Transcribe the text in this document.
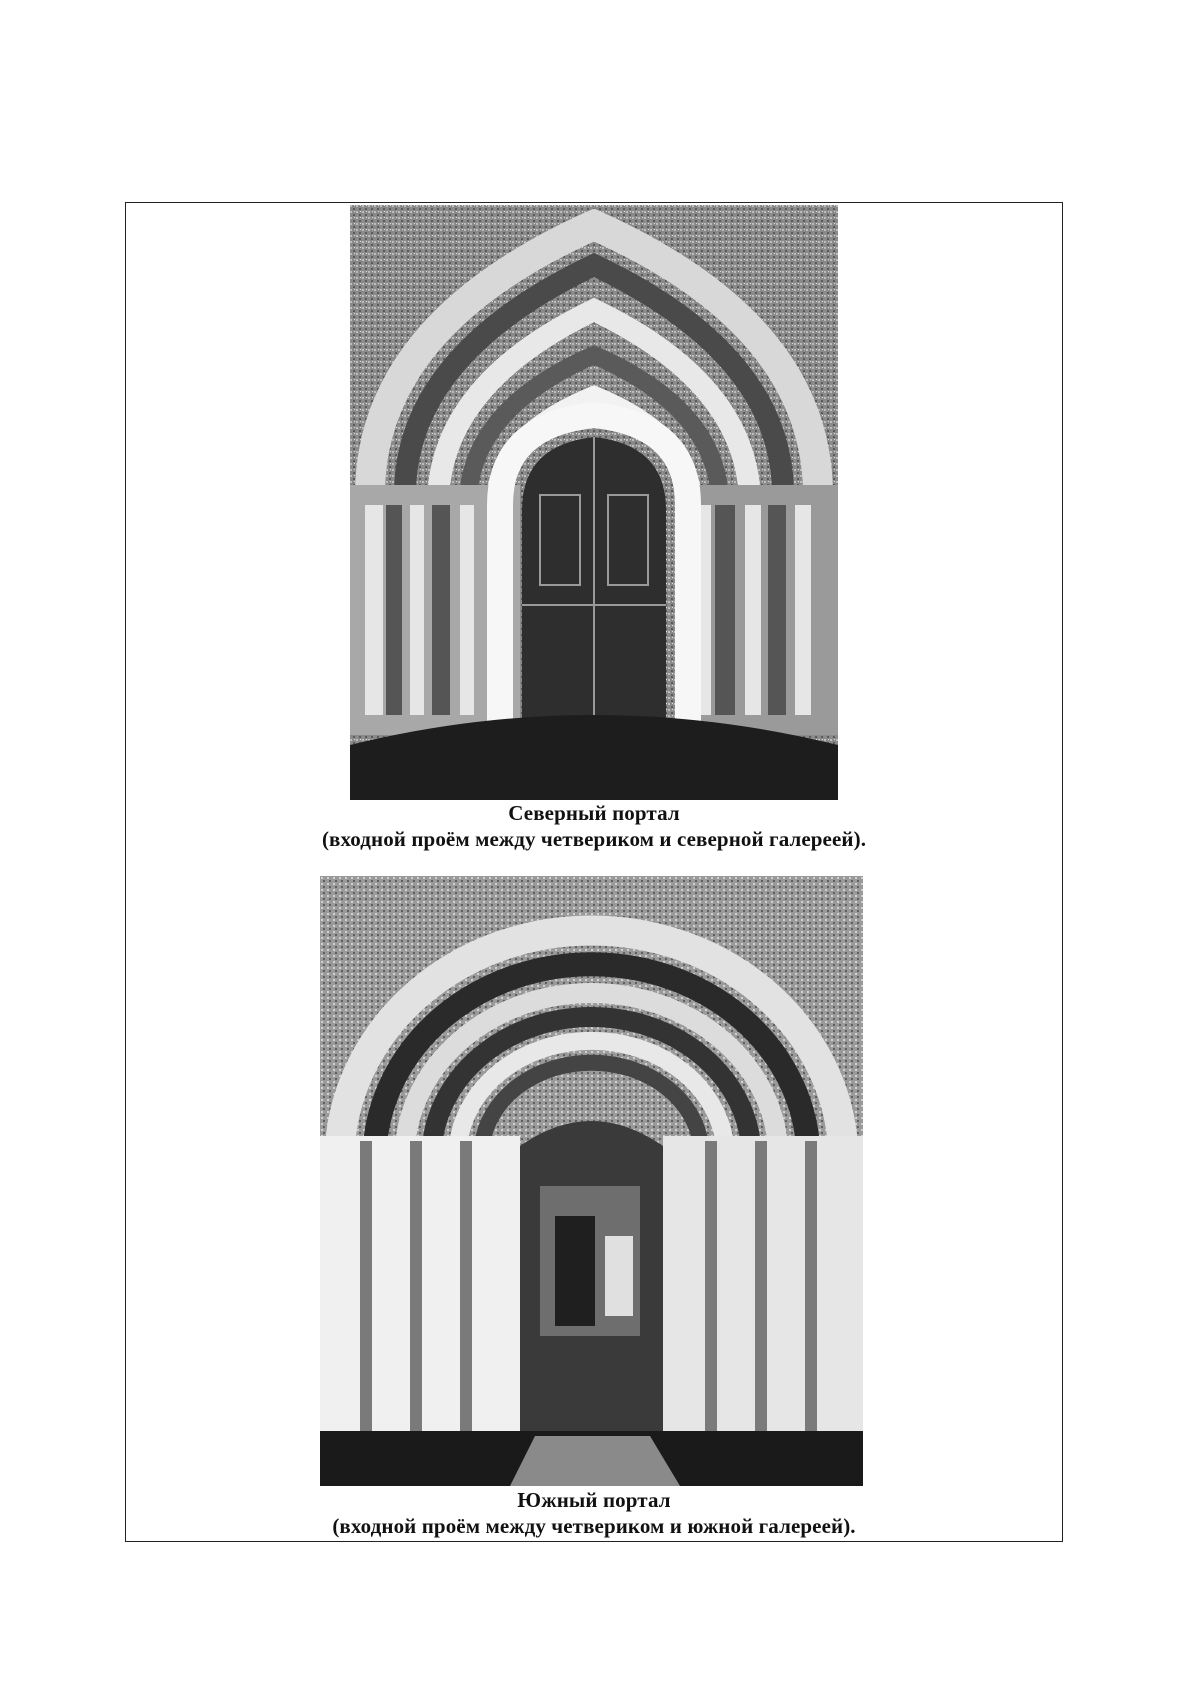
Северный портал
(входной проём между четвериком и северной галереей).
Южный портал
(входной проём между четвериком и южной галереей).
